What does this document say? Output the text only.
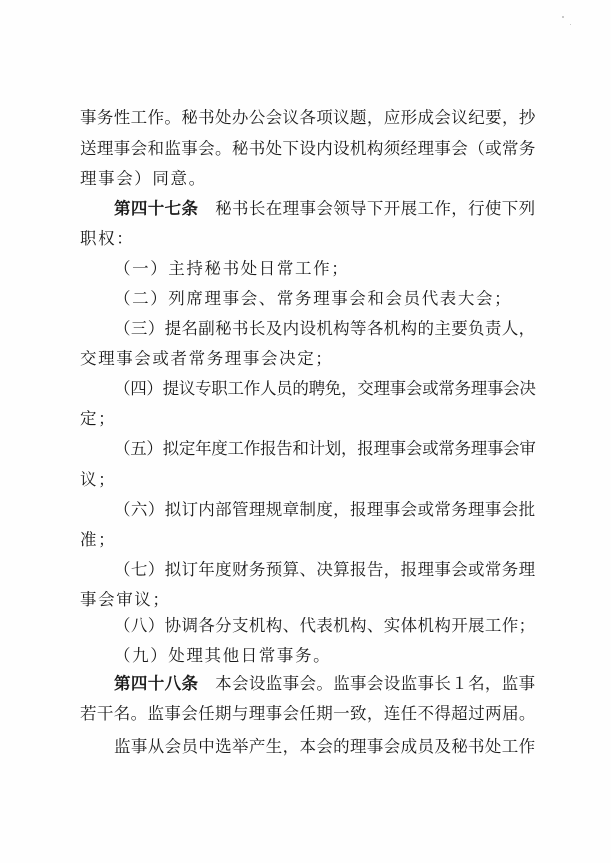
事务性工作。秘书处办公会议各项议题，应形成会议纪要，抄
送理事会和监事会。秘书处下设内设机构须经理事会（或常务
理事会）同意。
第四十七条　秘书长在理事会领导下开展工作，行使下列
职权：
（一）主持秘书处日常工作；
（二）列席理事会、常务理事会和会员代表大会；
（三）提名副秘书长及内设机构等各机构的主要负责人，
交理事会或者常务理事会决定；
（四）提议专职工作人员的聘免，交理事会或常务理事会决
定；
（五）拟定年度工作报告和计划，报理事会或常务理事会审
议；
（六）拟订内部管理规章制度，报理事会或常务理事会批
准；
（七）拟订年度财务预算、决算报告，报理事会或常务理
事会审议；
（八）协调各分支机构、代表机构、实体机构开展工作；
（九）处理其他日常事务。
第四十八条　本会设监事会。监事会设监事长１名，监事
若干名。监事会任期与理事会任期一致，连任不得超过两届。
监事从会员中选举产生，本会的理事会成员及秘书处工作
